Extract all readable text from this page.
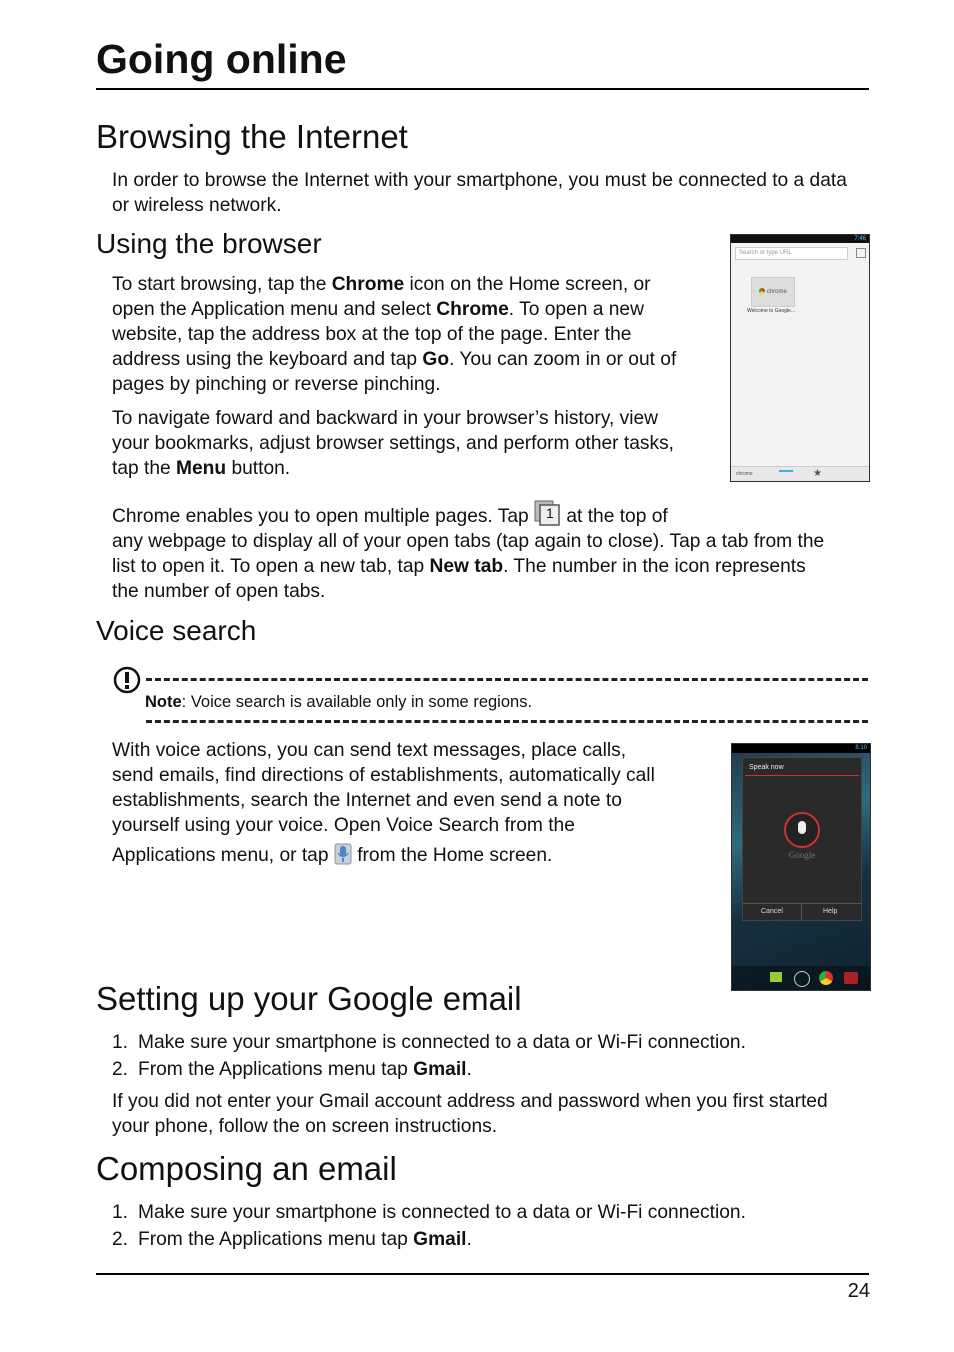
Going online
Browsing the Internet

In order to browse the Internet with your smartphone, you must be connected to a data or wireless network.

Using the browser
To start browsing, tap the Chrome icon on the Home screen, or
open the Application menu and select Chrome. To open a new
website, tap the address box at the top of the page. Enter the
address using the keyboard and tap Go. You can zoom in or out of
pages by pinching or reverse pinching.
To navigate foward and backward in your browser’s history, view
your bookmarks, adjust browser settings, and perform other tasks,
tap the Menu button.
7:46
Search or type URL
chrome
Welcome to Google...
chrome	★
Chrome enables you to open multiple pages. Tap 1 at the top of
any webpage to display all of your open tabs (tap again to close). Tap a tab from the
list to open it. To open a new tab, tap New tab. The number in the icon represents
the number of open tabs.
Voice search
Note: Voice search is available only in some regions.
With voice actions, you can send text messages, place calls,
send emails, find directions of establishments, automatically call
establishments, search the Internet and even send a note to
yourself using your voice. Open Voice Search from the
Applications menu, or tap  from the Home screen.
8:10
Speak now
Google
Cancel	Help
Setting up your Google email
1. Make sure your smartphone is connected to a data or Wi-Fi connection.
2. From the Applications menu tap Gmail.
If you did not enter your Gmail account address and password when you first started
your phone, follow the on screen instructions.
Composing an email
1. Make sure your smartphone is connected to a data or Wi-Fi connection.
2. From the Applications menu tap Gmail.
24
